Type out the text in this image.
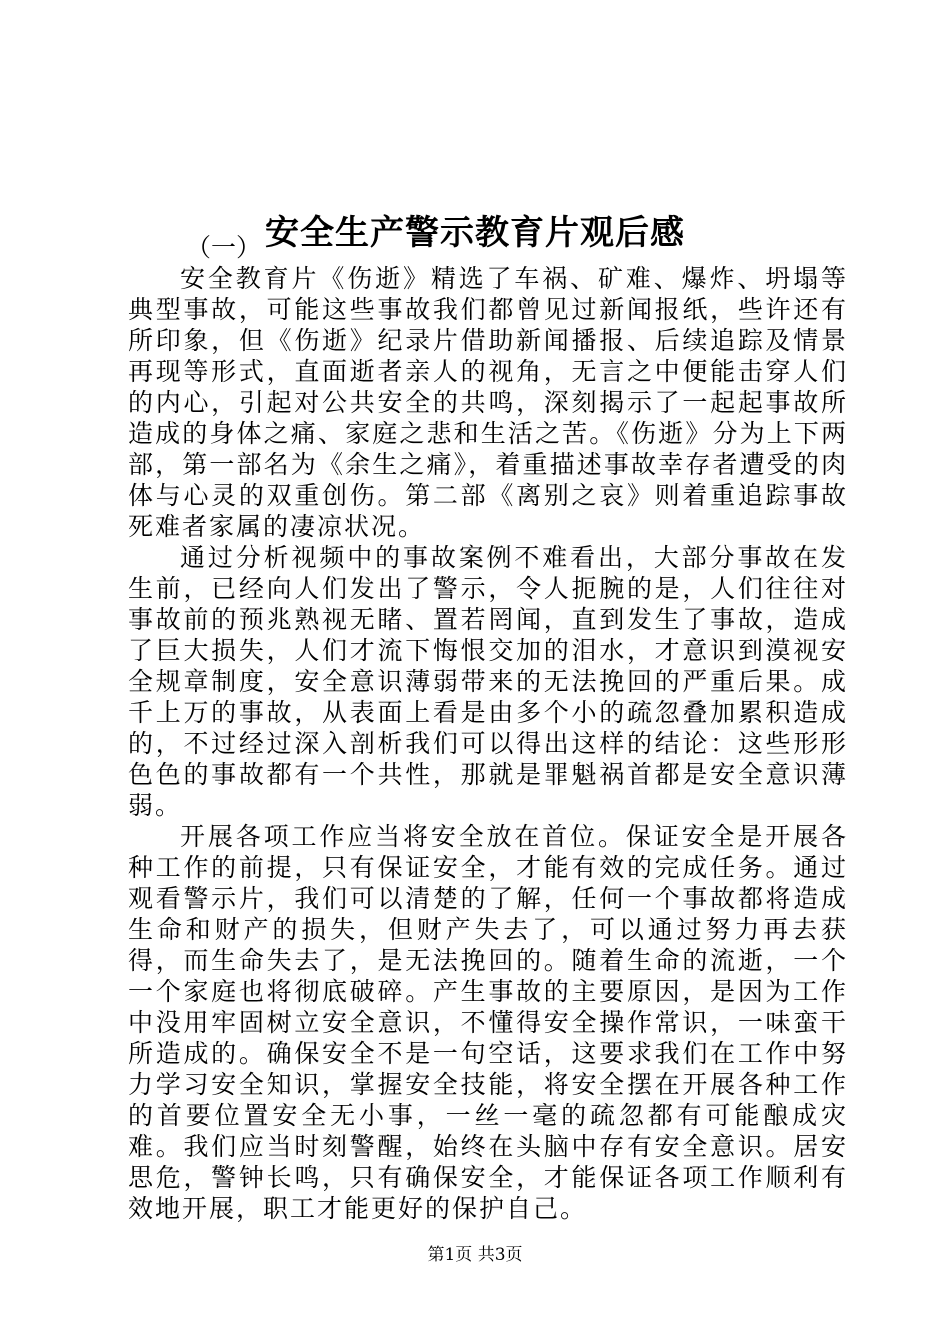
安全生产警示教育片观后感

（一）

安全教育片《伤逝》精选了车祸、矿难、爆炸、坍塌等典型事故，可能这些事故我们都曾见过新闻报纸，些许还有所印象，但《伤逝》纪录片借助新闻播报、后续追踪及情景再现等形式，直面逝者亲人的视角，无言之中便能击穿人们的内心，引起对公共安全的共鸣，深刻揭示了一起起事故所造成的身体之痛、家庭之悲和生活之苦。《伤逝》分为上下两部，第一部名为《余生之痛》，着重描述事故幸存者遭受的肉体与心灵的双重创伤。第二部《离别之哀》则着重追踪事故死难者家属的凄凉状况。

通过分析视频中的事故案例不难看出，大部分事故在发生前，已经向人们发出了警示，令人扼腕的是，人们往往对事故前的预兆熟视无睹、置若罔闻，直到发生了事故，造成了巨大损失，人们才流下悔恨交加的泪水，才意识到漠视安全规章制度，安全意识薄弱带来的无法挽回的严重后果。成千上万的事故，从表面上看是由多个小的疏忽叠加累积造成的，不过经过深入剖析我们可以得出这样的结论：这些形形色色的事故都有一个共性，那就是罪魁祸首都是安全意识薄弱。

开展各项工作应当将安全放在首位。保证安全是开展各种工作的前提，只有保证安全，才能有效的完成任务。通过观看警示片，我们可以清楚的了解，任何一个事故都将造成生命和财产的损失，但财产失去了，可以通过努力再去获得，而生命失去了，是无法挽回的。随着生命的流逝，一个一个家庭也将彻底破碎。产生事故的主要原因，是因为工作中没用牢固树立安全意识，不懂得安全操作常识，一味蛮干所造成的。确保安全不是一句空话，这要求我们在工作中努力学习安全知识，掌握安全技能，将安全摆在开展各种工作的首要位置安全无小事，一丝一毫的疏忽都有可能酿成灾难。我们应当时刻警醒，始终在头脑中存有安全意识。居安思危，警钟长鸣，只有确保安全，才能保证各项工作顺利有效地开展，职工才能更好的保护自己。

第1页 共3页
